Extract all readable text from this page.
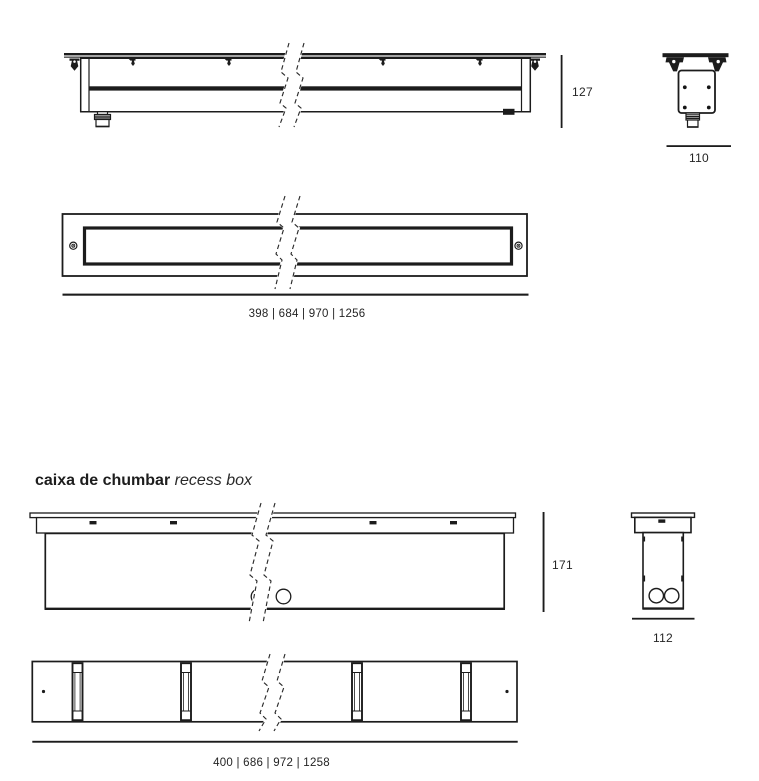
127
110
398 | 684 | 970 | 1256
caixa de chumbar recess box
171
112
400 | 686 | 972 | 1258
